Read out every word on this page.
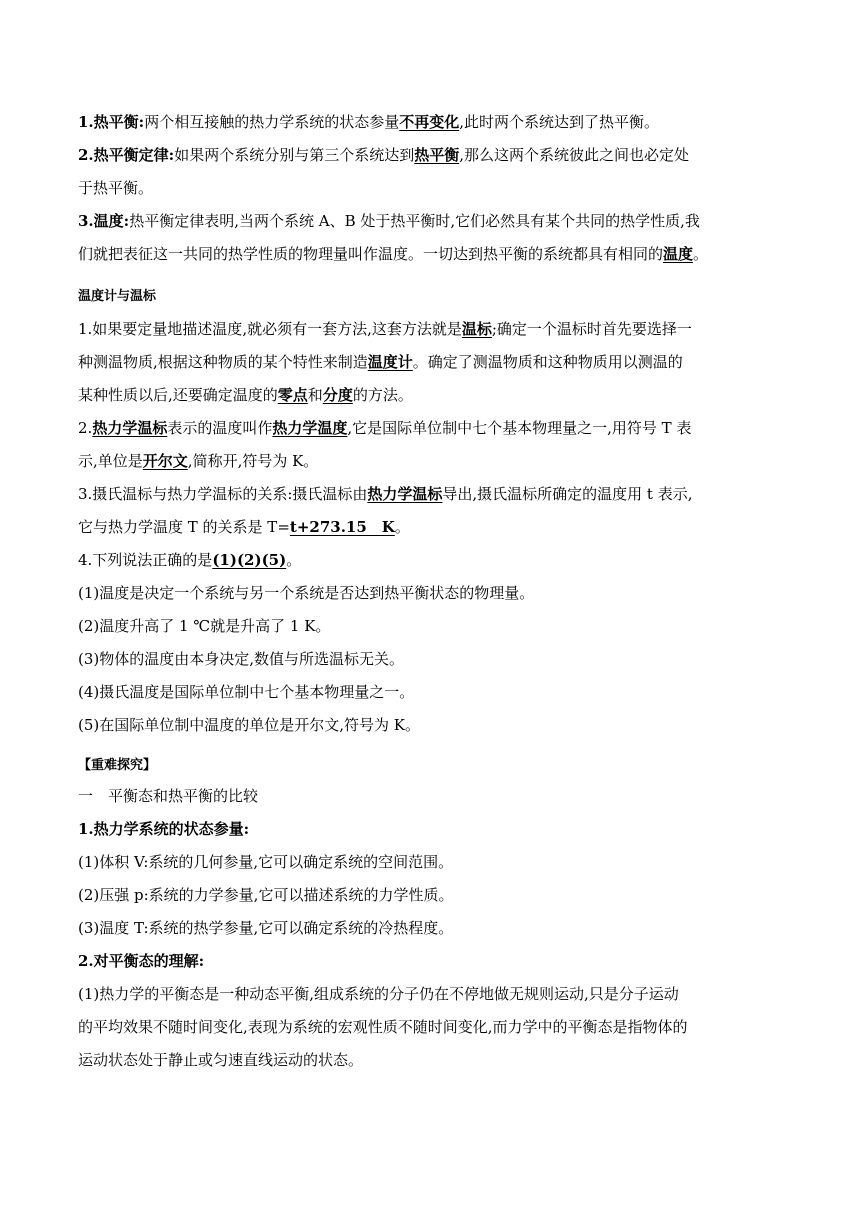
1.热平衡:两个相互接触的热力学系统的状态参量不再变化,此时两个系统达到了热平衡。
2.热平衡定律:如果两个系统分别与第三个系统达到热平衡,那么这两个系统彼此之间也必定处
于热平衡。
3.温度:热平衡定律表明,当两个系统 A、B 处于热平衡时,它们必然具有某个共同的热学性质,我
们就把表征这一共同的热学性质的物理量叫作温度。一切达到热平衡的系统都具有相同的温度。
温度计与温标
1.如果要定量地描述温度,就必须有一套方法,这套方法就是温标;确定一个温标时首先要选择一
种测温物质,根据这种物质的某个特性来制造温度计。确定了测温物质和这种物质用以测温的
某种性质以后,还要确定温度的零点和分度的方法。
2.热力学温标表示的温度叫作热力学温度,它是国际单位制中七个基本物理量之一,用符号 T 表
示,单位是开尔文,简称开,符号为 K。
3.摄氏温标与热力学温标的关系:摄氏温标由热力学温标导出,摄氏温标所确定的温度用 t 表示,
它与热力学温度 T 的关系是 T=t+273.15　K。
4.下列说法正确的是(1)(2)(5)。
(1)温度是决定一个系统与另一个系统是否达到热平衡状态的物理量。
(2)温度升高了 1 ℃就是升高了 1 K。
(3)物体的温度由本身决定,数值与所选温标无关。
(4)摄氏温度是国际单位制中七个基本物理量之一。
(5)在国际单位制中温度的单位是开尔文,符号为 K。
【重难探究】
一　平衡态和热平衡的比较
1.热力学系统的状态参量:
(1)体积 V:系统的几何参量,它可以确定系统的空间范围。
(2)压强 p:系统的力学参量,它可以描述系统的力学性质。
(3)温度 T:系统的热学参量,它可以确定系统的冷热程度。
2.对平衡态的理解:
(1)热力学的平衡态是一种动态平衡,组成系统的分子仍在不停地做无规则运动,只是分子运动
的平均效果不随时间变化,表现为系统的宏观性质不随时间变化,而力学中的平衡态是指物体的
运动状态处于静止或匀速直线运动的状态。
